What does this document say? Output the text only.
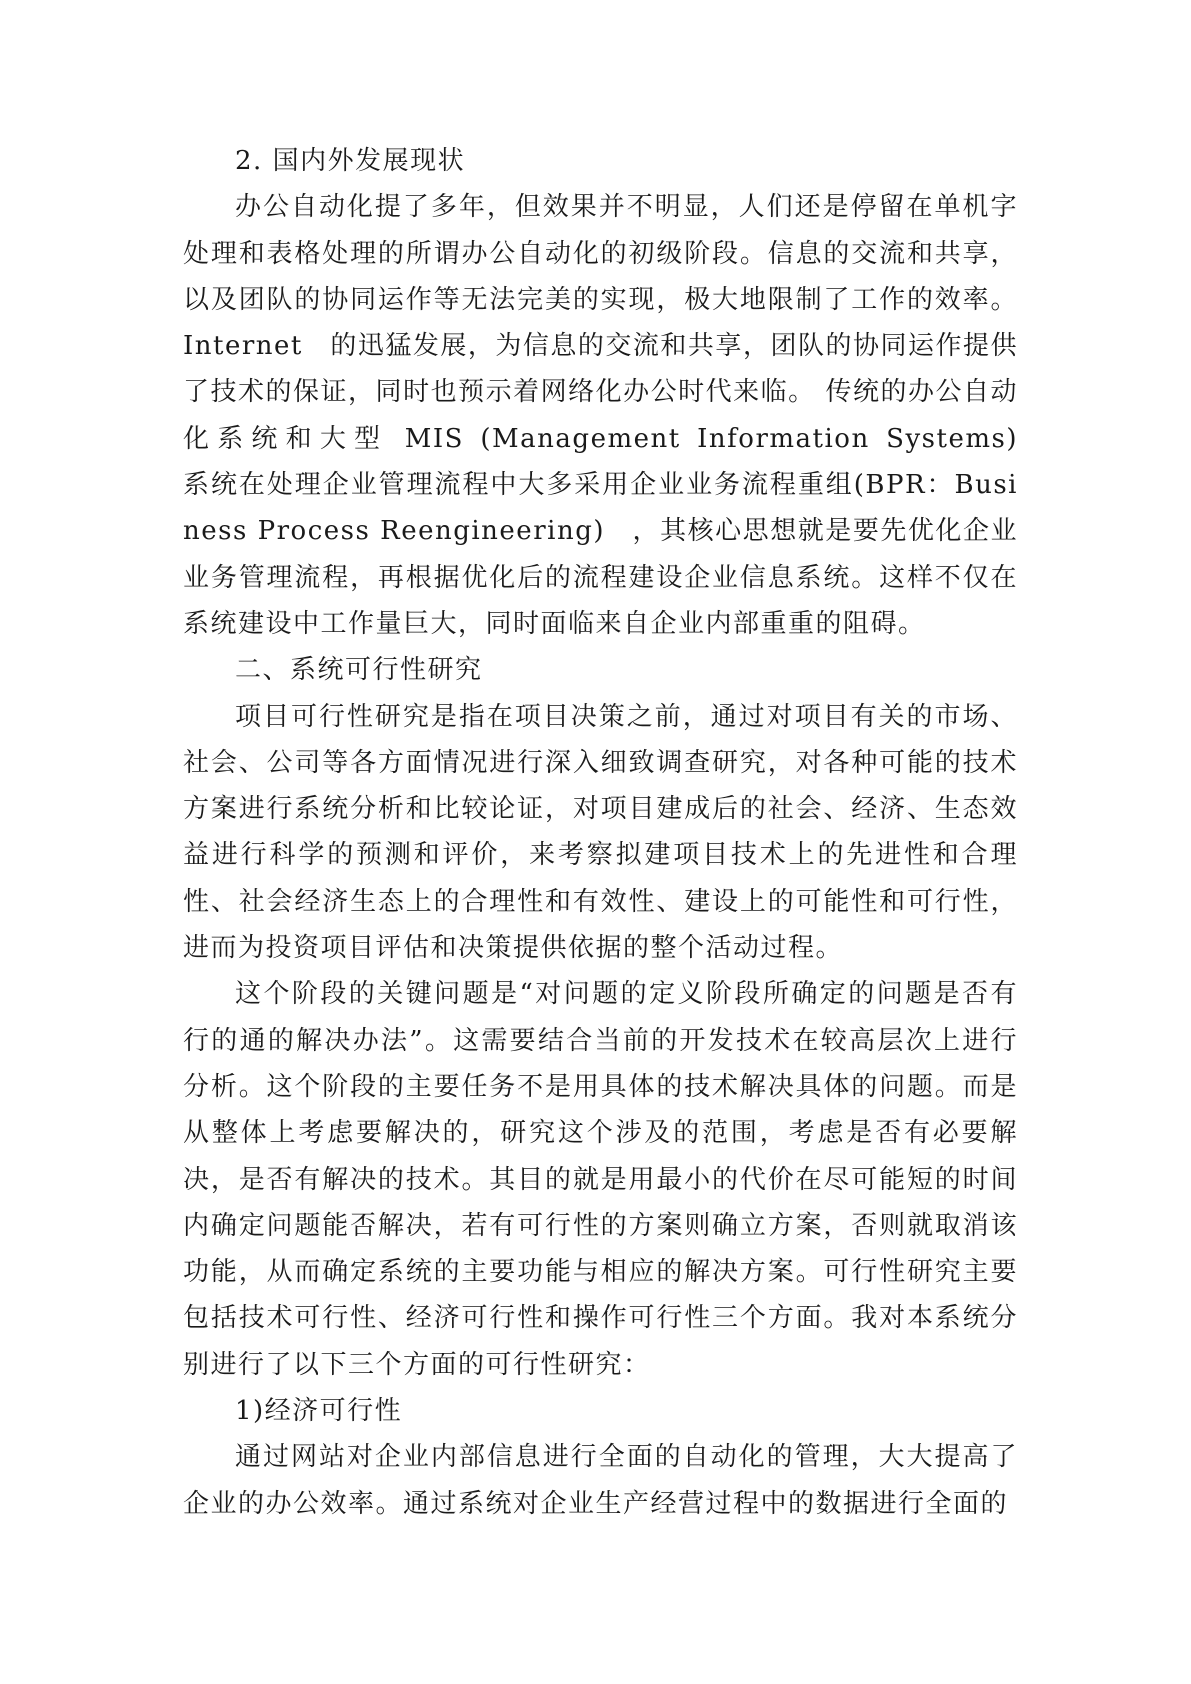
2. 国内外发展现状

办公自动化提了多年，但效果并不明显，人们还是停留在单机字处理和表格处理的所谓办公自动化的初级阶段。信息的交流和共享，以及团队的协同运作等无法完美的实现，极大地限制了工作的效率。Internet　的迅猛发展，为信息的交流和共享，团队的协同运作提供了技术的保证，同时也预示着网络化办公时代来临。 传统的办公自动化系统和大型 MIS (Management Information Systems)　　系统在处理企业管理流程中大多采用企业业务流程重组(BPR：Business Process Reengineering)　，其核心思想就是要先优化企业业务管理流程，再根据优化后的流程建设企业信息系统。这样不仅在系统建设中工作量巨大，同时面临来自企业内部重重的阻碍。

二、系统可行性研究

项目可行性研究是指在项目决策之前，通过对项目有关的市场、社会、公司等各方面情况进行深入细致调查研究，对各种可能的技术方案进行系统分析和比较论证，对项目建成后的社会、经济、生态效益进行科学的预测和评价，来考察拟建项目技术上的先进性和合理性、社会经济生态上的合理性和有效性、建设上的可能性和可行性，进而为投资项目评估和决策提供依据的整个活动过程。

这个阶段的关键问题是“对问题的定义阶段所确定的问题是否有行的通的解决办法”。这需要结合当前的开发技术在较高层次上进行分析。这个阶段的主要任务不是用具体的技术解决具体的问题。而是从整体上考虑要解决的，研究这个涉及的范围，考虑是否有必要解决，是否有解决的技术。其目的就是用最小的代价在尽可能短的时间内确定问题能否解决，若有可行性的方案则确立方案，否则就取消该功能，从而确定系统的主要功能与相应的解决方案。可行性研究主要包括技术可行性、经济可行性和操作可行性三个方面。我对本系统分别进行了以下三个方面的可行性研究：

1)经济可行性

通过网站对企业内部信息进行全面的自动化的管理，大大提高了企业的办公效率。通过系统对企业生产经营过程中的数据进行全面的
